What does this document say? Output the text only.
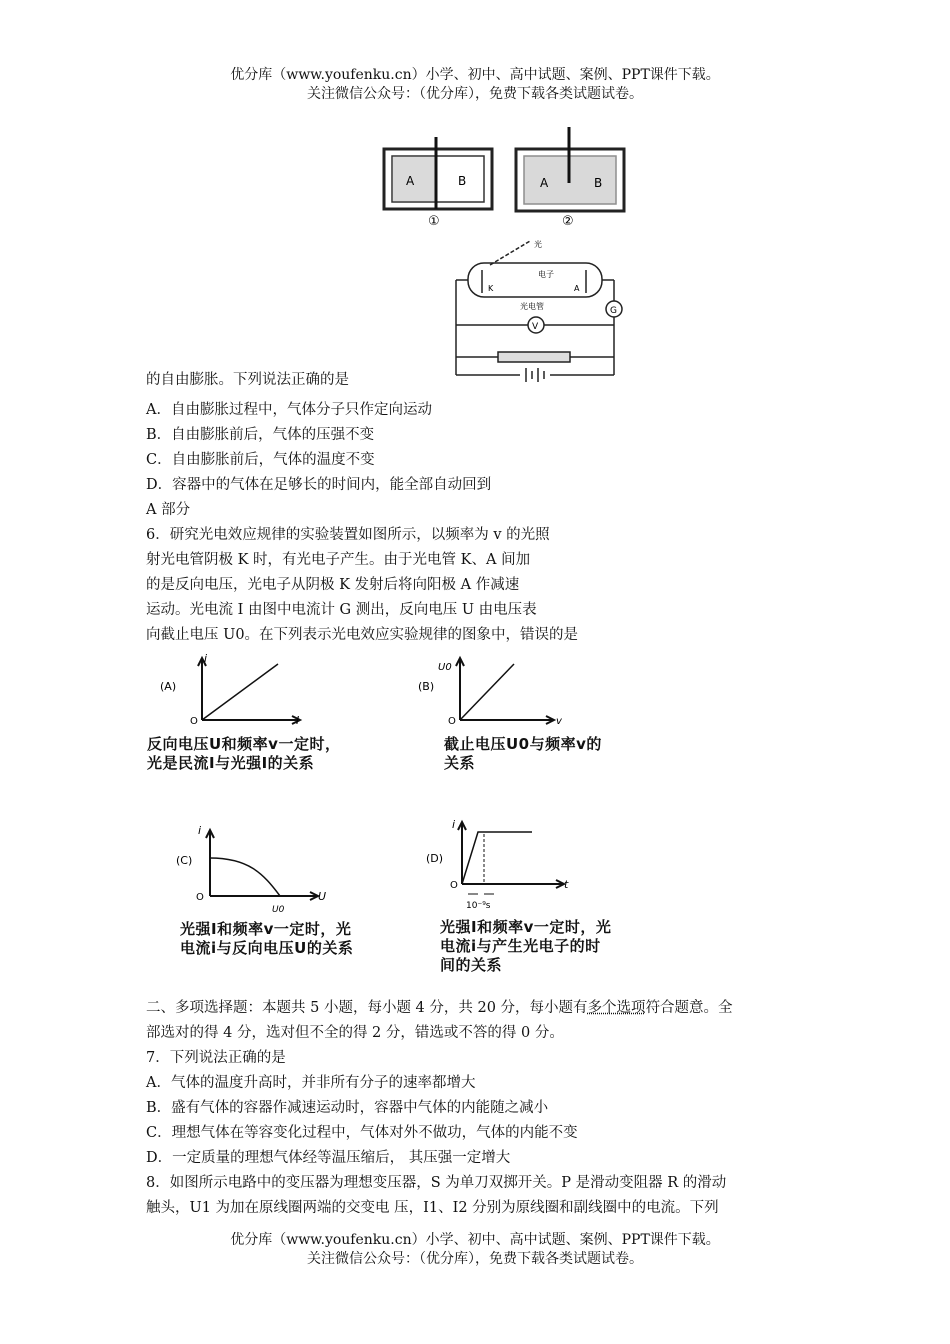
优分库（www.youfenku.cn）小学、初中、高中试题、案例、PPT课件下载。
关注微信公众号：（优分库），免费下载各类试题试卷。
A	B
①
A	B
②
光
电子
光电管
K	A
G
V
的自由膨胀。下列说法正确的是
A．自由膨胀过程中，气体分子只作定向运动
B．自由膨胀前后，气体的压强不变
C．自由膨胀前后，气体的温度不变
D．容器中的气体在足够长的时间内，能全部自动回到
A 部分
6．研究光电效应规律的实验装置如图所示，以频率为 v 的光照
射光电管阴极 K 时，有光电子产生。由于光电管 K、A 间加
的是反向电压，光电子从阴极 K 发射后将向阳极 A 作减速
运动。光电流 I 由图中电流计 G 测出，反向电压 U 由电压表
向截止电压 U0。在下列表示光电效应实验规律的图象中，错误的是
(A)
i
I
O
反向电压U和频率v一定时，
光是民流I与光强I的关系
(B)
U0
v
O
截止电压U0与频率v的
关系
(C)
i
U
O
U0
光强I和频率v一定时，光
电流i与反向电压U的关系
(D)
i
t
O
10⁻⁹s
光强I和频率v一定时，光
电流i与产生光电子的时
间的关系
二、多项选择题：本题共 5 小题，每小题 4 分，共 20 分，每小题有多个选项符合题意。全
部选对的得 4 分，选对但不全的得 2 分，错选或不答的得 0 分。
7．下列说法正确的是
A．气体的温度升高时，并非所有分子的速率都增大
B．盛有气体的容器作减速运动时，容器中气体的内能随之减小
C．理想气体在等容变化过程中，气体对外不做功，气体的内能不变
D．一定质量的理想气体经等温压缩后， 其压强一定增大
8．如图所示电路中的变压器为理想变压器，S 为单刀双掷开关。P 是滑动变阻器 R 的滑动
触头，U1 为加在原线圈两端的交变电 压，I1、I2 分别为原线圈和副线圈中的电流。下列
优分库（www.youfenku.cn）小学、初中、高中试题、案例、PPT课件下载。
关注微信公众号：（优分库），免费下载各类试题试卷。
